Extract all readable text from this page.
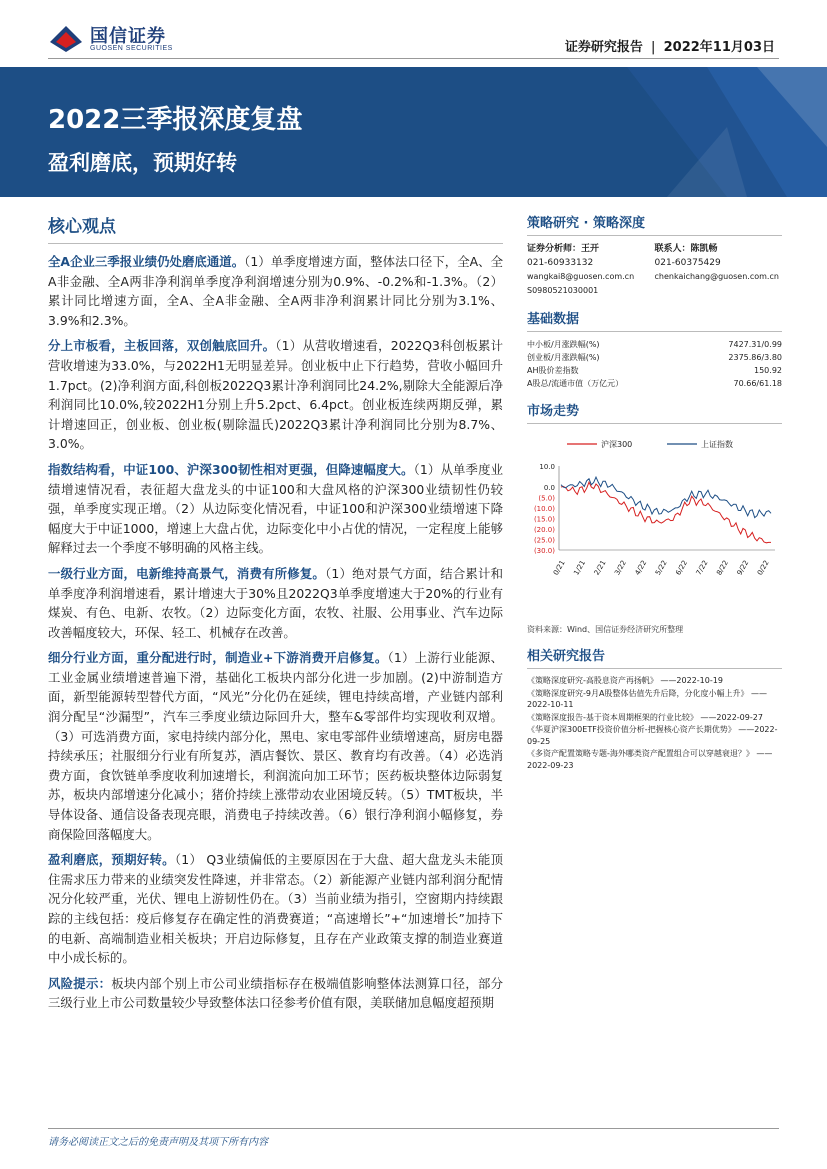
国信证券
GUOSEN SECURITIES	证券研究报告 | 2022年11月03日
2022三季报深度复盘
盈利磨底，预期好转
核心观点
全A企业三季报业绩仍处磨底通道。（1）单季度增速方面，整体法口径下，全A、全A非金融、全A两非净利润单季度净利润增速分别为0.9%、-0.2%和-1.3%。（2）累计同比增速方面，全A、全A非金融、全A两非净利润累计同比分别为3.1%、3.9%和2.3%。
分上市板看，主板回落，双创触底回升。（1）从营收增速看，2022Q3科创板累计营收增速为33.0%，与2022H1无明显差异。创业板中止下行趋势，营收小幅回升1.7pct。(2)净利润方面,科创板2022Q3累计净利润同比24.2%,剔除大全能源后净利润同比10.0%,较2022H1分别上升5.2pct、6.4pct。创业板连续两期反弹，累计增速回正，创业板、创业板(剔除温氏)2022Q3累计净利润同比分别为8.7%、3.0%。
指数结构看，中证100、沪深300韧性相对更强，但降速幅度大。（1）从单季度业绩增速情况看，表征超大盘龙头的中证100和大盘风格的沪深300业绩韧性仍较强，单季度实现正增。（2）从边际变化情况看，中证100和沪深300业绩增速下降幅度大于中证1000，增速上大盘占优，边际变化中小占优的情况，一定程度上能够解释过去一个季度不够明确的风格主线。
一级行业方面，电新维持高景气，消费有所修复。（1）绝对景气方面，结合累计和单季度净利润增速看，累计增速大于30%且2022Q3单季度增速大于20%的行业有煤炭、有色、电新、农牧。（2）边际变化方面，农牧、社服、公用事业、汽车边际改善幅度较大，环保、轻工、机械存在改善。
细分行业方面，重分配进行时，制造业+下游消费开启修复。（1）上游行业能源、工业金属业绩增速普遍下滑，基础化工板块内部分化进一步加剧。(2)中游制造方面，新型能源转型替代方面，“风光”分化仍在延续，锂电持续高增，产业链内部利润分配呈“沙漏型”，汽车三季度业绩边际回升大，整车&零部件均实现收利双增。（3）可选消费方面，家电持续内部分化，黑电、家电零部件业绩增速高，厨房电器持续承压；社服细分行业有所复苏，酒店餐饮、景区、教育均有改善。（4）必选消费方面，食饮链单季度收利加速增长，利润流向加工环节；医药板块整体边际弱复苏，板块内部增速分化减小；猪价持续上涨带动农业困境反转。（5）TMT板块，半导体设备、通信设备表现亮眼，消费电子持续改善。（6）银行净利润小幅修复，券商保险回落幅度大。
盈利磨底，预期好转。（1） Q3业绩偏低的主要原因在于大盘、超大盘龙头未能顶住需求压力带来的业绩突发性降速，并非常态。（2）新能源产业链内部利润分配情况分化较严重，光伏、锂电上游韧性仍在。（3）当前业绩为指引，空窗期内持续跟踪的主线包括：疫后修复存在确定性的消费赛道；“高速增长”+“加速增长”加持下的电新、高端制造业相关板块；开启边际修复，且存在产业政策支撑的制造业赛道中小成长标的。
风险提示：板块内部个别上市公司业绩指标存在极端值影响整体法测算口径，部分三级行业上市公司数量较少导致整体法口径参考价值有限，美联储加息幅度超预期
策略研究 · 策略深度
证券分析师：王开
021-60933132
wangkai8@guosen.com.cn
S0980521030001
联系人：陈凯畅
021-60375429
chenkaichang@guosen.com.cn
基础数据
中小板/月涨跌幅(%)	7427.31/0.99
创业板/月涨跌幅(%)	2375.86/3.80
AH股价差指数	150.92
A股总/流通市值（万亿元）	70.66/61.18
市场走势
沪深300	上证指数
10.0
0.0
(5.0)
(10.0)
(15.0)
(20.0)
(25.0)
(30.0)
0/21 1/21 2/21 3/22 4/22 5/22 6/22 7/22 8/22 9/22 0/22
资料来源：Wind、国信证券经济研究所整理
相关研究报告
《策略深度研究-高股息资产再扬帆》 ——2022-10-19
《策略深度研究-9月A股整体估值先升后降，分化度小幅上升》 ——2022-10-11
《策略深度报告-基于资本周期框架的行业比较》 ——2022-09-27
《华夏沪深300ETF投资价值分析-把握核心资产长期优势》 ——2022-09-25
《多资产配置策略专题-海外哪类资产配置组合可以穿越衰退？》 ——2022-09-23
请务必阅读正文之后的免责声明及其项下所有内容
